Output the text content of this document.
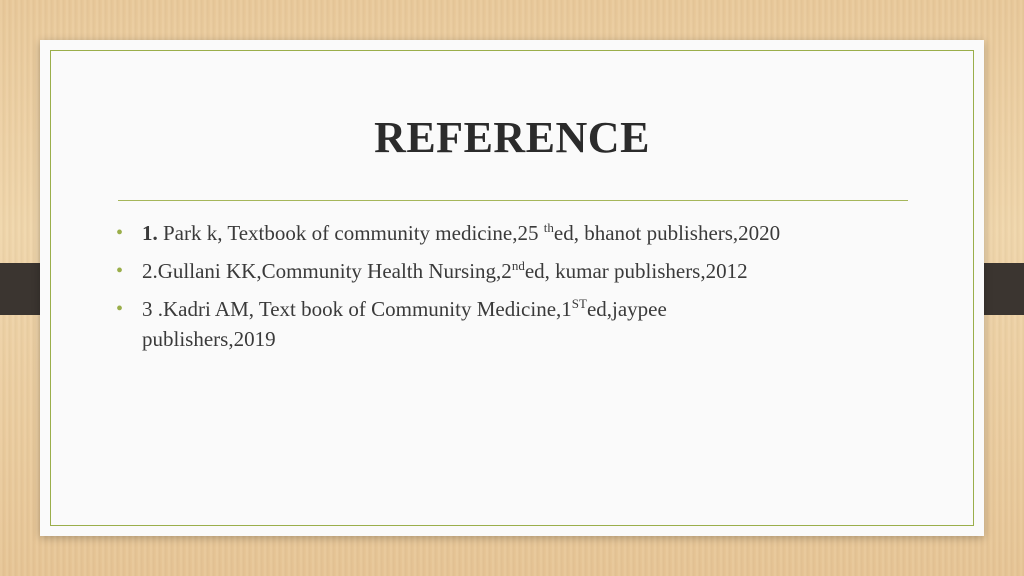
REFERENCE
• 1. Park k, Textbook of community medicine,25 $^{th}$ed, bhanot publishers,2020
• 2.Gullani KK,Community Health Nursing,2nded, kumar publishers,2012
• 3 .Kadri AM, Text book of Community Medicine,1STed,jaypee publishers,2019
